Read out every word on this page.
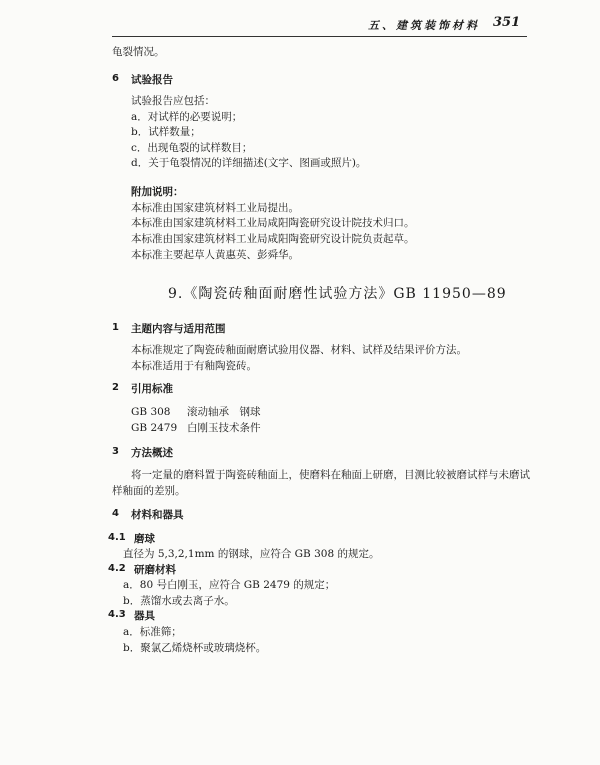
五、建筑装饰材料 351
龟裂情况。
6 试验报告
试验报告应包括：
a．对试样的必要说明；
b．试样数量；
c．出现龟裂的试样数目；
d．关于龟裂情况的详细描述(文字、图画或照片)。
附加说明：
本标准由国家建筑材料工业局提出。
本标准由国家建筑材料工业局咸阳陶瓷研究设计院技术归口。
本标准由国家建筑材料工业局咸阳陶瓷研究设计院负责起草。
本标准主要起草人黄惠英、彭舜华。
9.《陶瓷砖釉面耐磨性试验方法》GB 11950—89
1 主题内容与适用范围
本标准规定了陶瓷砖釉面耐磨试验用仪器、材料、试样及结果评价方法。
本标准适用于有釉陶瓷砖。
2 引用标准
GB 308 滚动轴承　钢球
GB 2479 白刚玉技术条件
3 方法概述
将一定量的磨料置于陶瓷砖釉面上，使磨料在釉面上研磨，目测比较被磨试样与未磨试
样釉面的差别。
4 材料和器具
4.1 磨球
直径为 5,3,2,1mm 的钢球，应符合 GB 308 的规定。
4.2 研磨材料
a．80 号白刚玉，应符合 GB 2479 的规定；
b．蒸馏水或去离子水。
4.3 器具
a．标准筛；
b．聚氯乙烯烧杯或玻璃烧杯。
